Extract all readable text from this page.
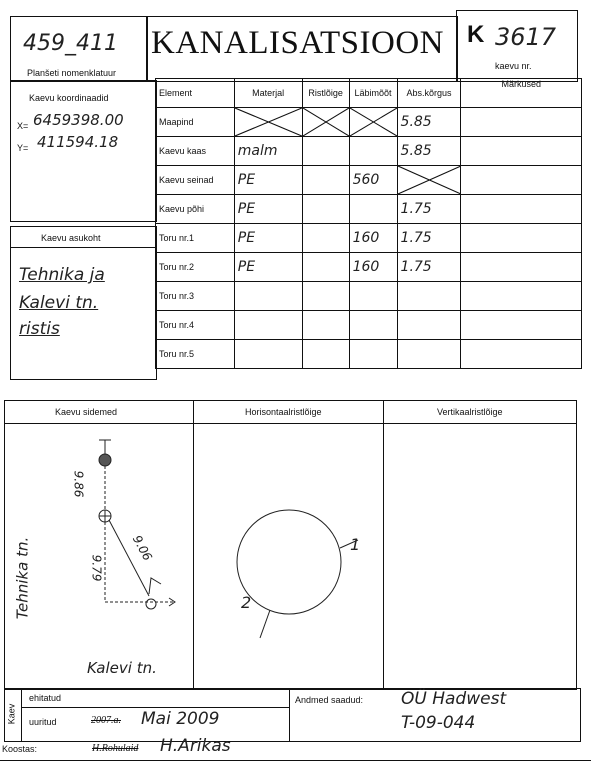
459_411
Planšeti nomenklatuur
KANALISATSIOON K 3617
kaevu nr.
Kaevu koordinaadid
X= 6459398.00
Y= 411594.18
Kaevu asukoht
Tehnika ja
Kalevi tn.
ristis
Element	Materjal	Ristlõige	Läbimõõt	Abs.kõrgus	Märkused
Maapind				5.85	
Kaevu kaas	malm			5.85	
Kaevu seinad	PE		560	

Kaevu põhi	PE			1.75	
Toru nr.1	PE		160	1.75	
Toru nr.2	PE		160	1.75	
Toru nr.3					
Toru nr.4					
Toru nr.5					
Kaevu sidemed	Horisontaalristlõige	Vertikaalristlõige
9.86
9.79
9.06
Tehnika tn.
Kalevi tn.
1
2
Kaev
ehitatud
uuritud	2007.a. Mai 2009
Andmed saadud: OÜ Hadwest
T-09-044
Koostas:	H.Rohulaid H.Arikas
